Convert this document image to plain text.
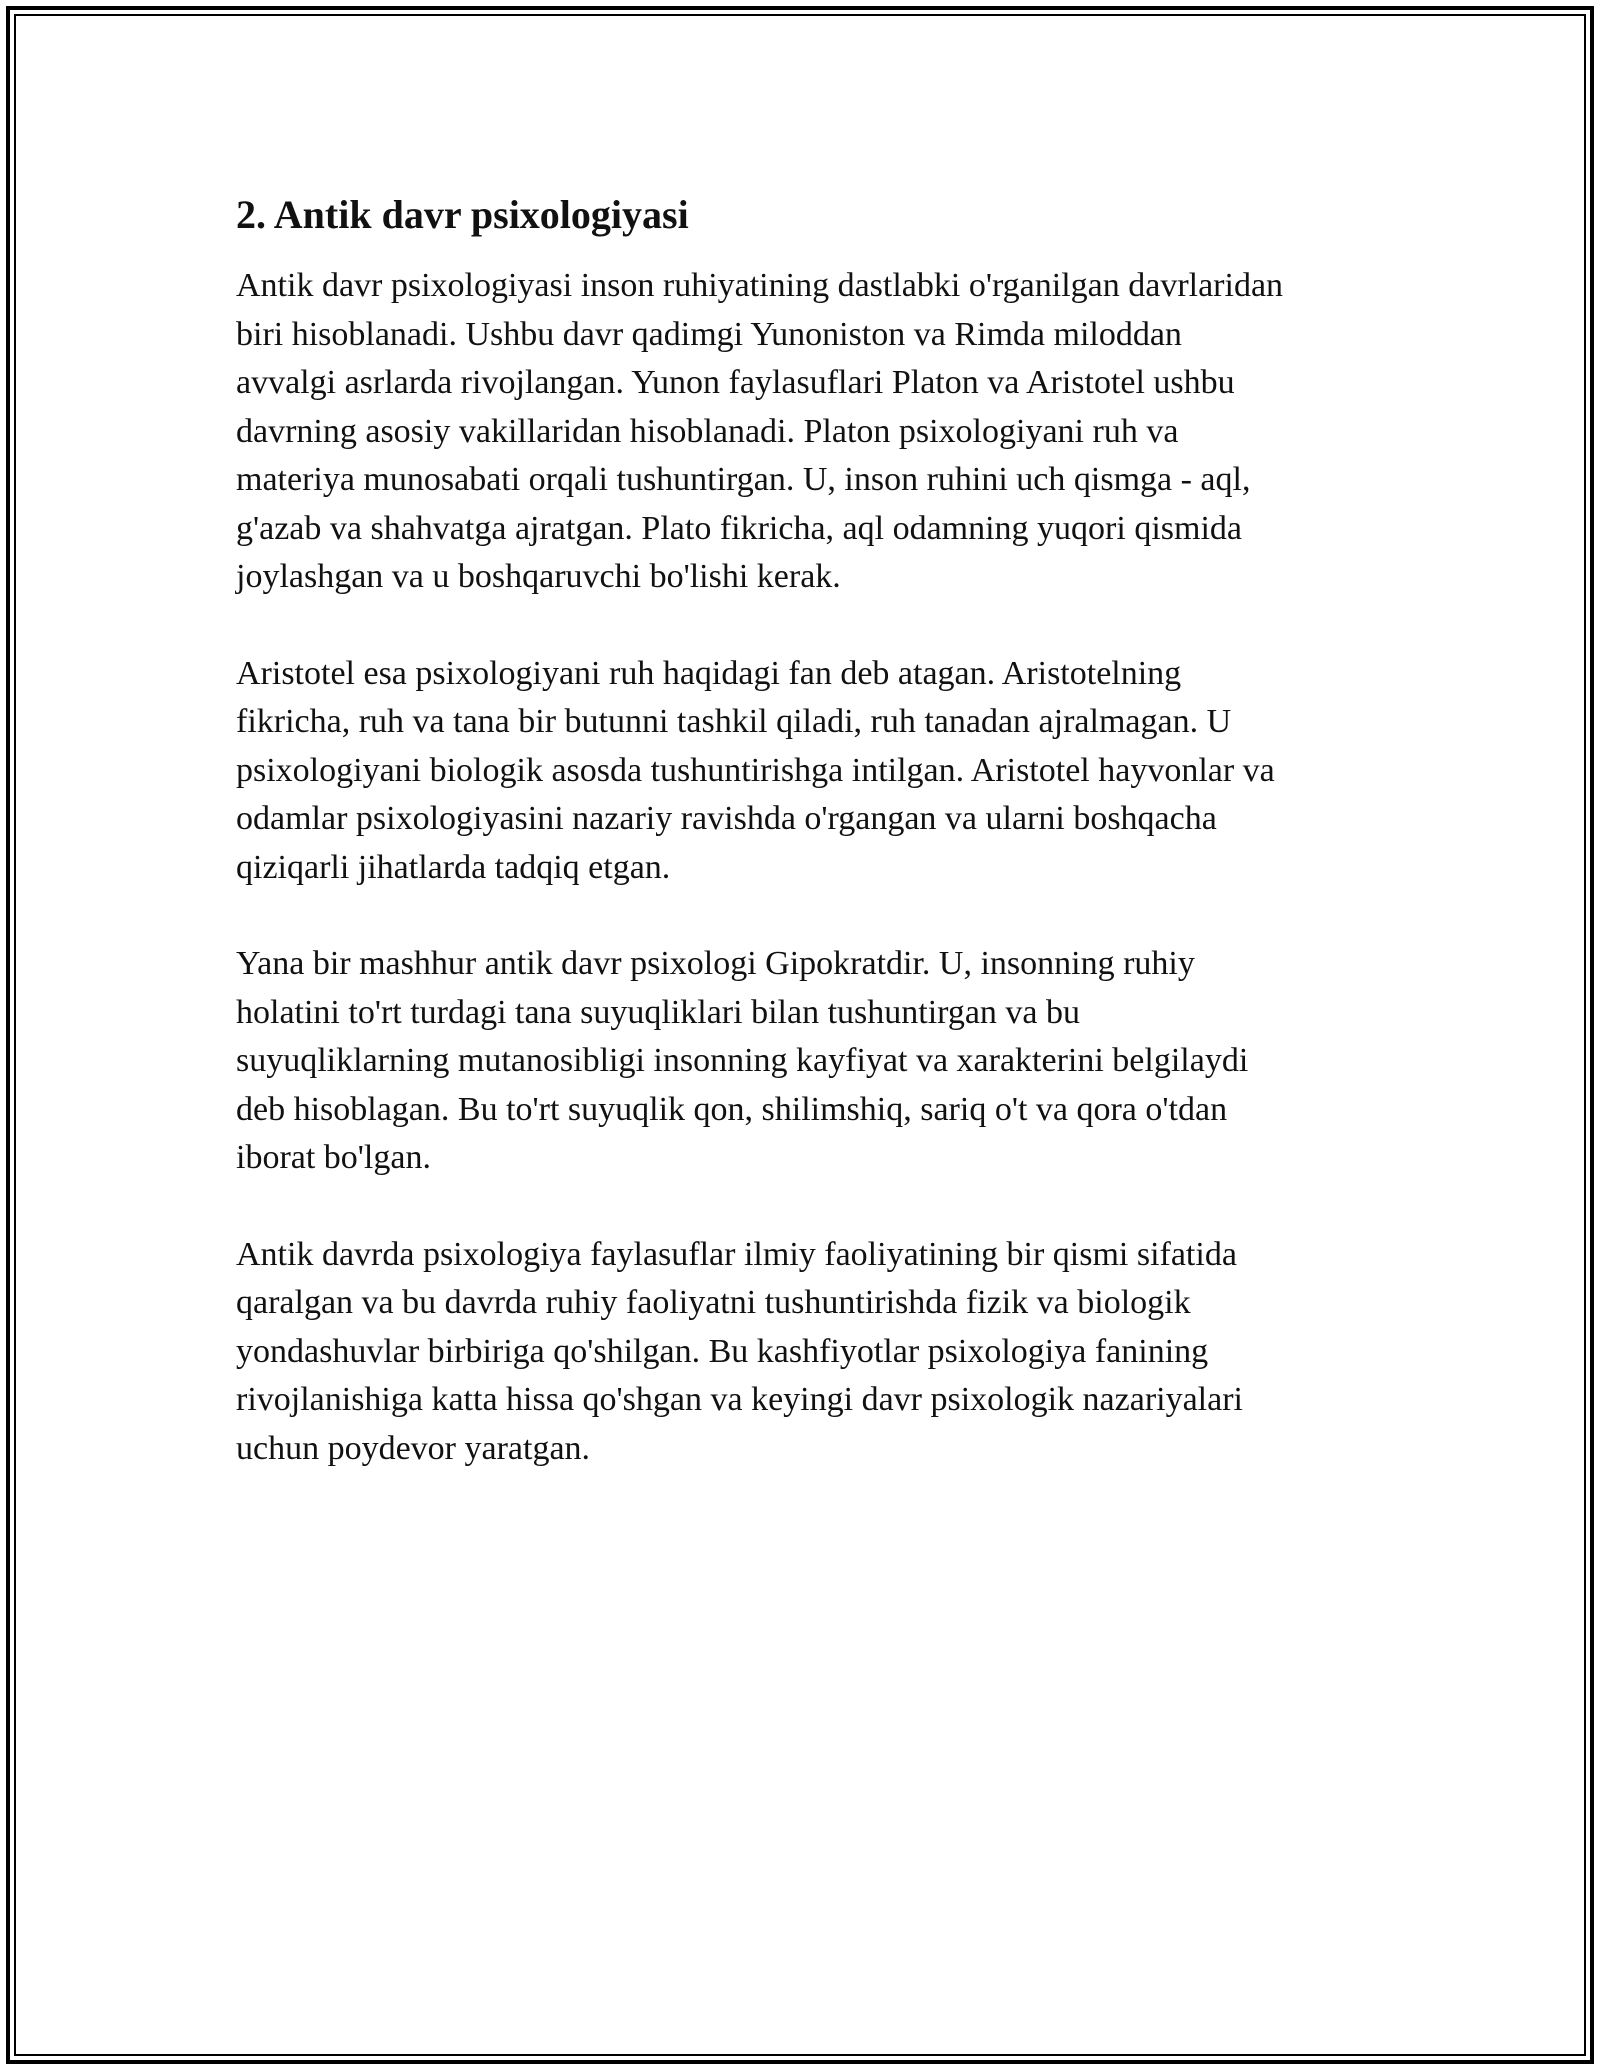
2. Antik davr psixologiyasi

Antik davr psixologiyasi inson ruhiyatining dastlabki o'rganilgan davrlaridan
biri hisoblanadi. Ushbu davr qadimgi Yunoniston va Rimda miloddan
avvalgi asrlarda rivojlangan. Yunon faylasuflari Platon va Aristotel ushbu
davrning asosiy vakillaridan hisoblanadi. Platon psixologiyani ruh va
materiya munosabati orqali tushuntirgan. U, inson ruhini uch qismga - aql,
g'azab va shahvatga ajratgan. Plato fikricha, aql odamning yuqori qismida
joylashgan va u boshqaruvchi bo'lishi kerak.

Aristotel esa psixologiyani ruh haqidagi fan deb atagan. Aristotelning
fikricha, ruh va tana bir butunni tashkil qiladi, ruh tanadan ajralmagan. U
psixologiyani biologik asosda tushuntirishga intilgan. Aristotel hayvonlar va
odamlar psixologiyasini nazariy ravishda o'rgangan va ularni boshqacha
qiziqarli jihatlarda tadqiq etgan.

Yana bir mashhur antik davr psixologi Gipokratdir. U, insonning ruhiy
holatini to'rt turdagi tana suyuqliklari bilan tushuntirgan va bu
suyuqliklarning mutanosibligi insonning kayfiyat va xarakterini belgilaydi
deb hisoblagan. Bu to'rt suyuqlik qon, shilimshiq, sariq o't va qora o'tdan
iborat bo'lgan.

Antik davrda psixologiya faylasuflar ilmiy faoliyatining bir qismi sifatida
qaralgan va bu davrda ruhiy faoliyatni tushuntirishda fizik va biologik
yondashuvlar birbiriga qo'shilgan. Bu kashfiyotlar psixologiya fanining
rivojlanishiga katta hissa qo'shgan va keyingi davr psixologik nazariyalari
uchun poydevor yaratgan.
